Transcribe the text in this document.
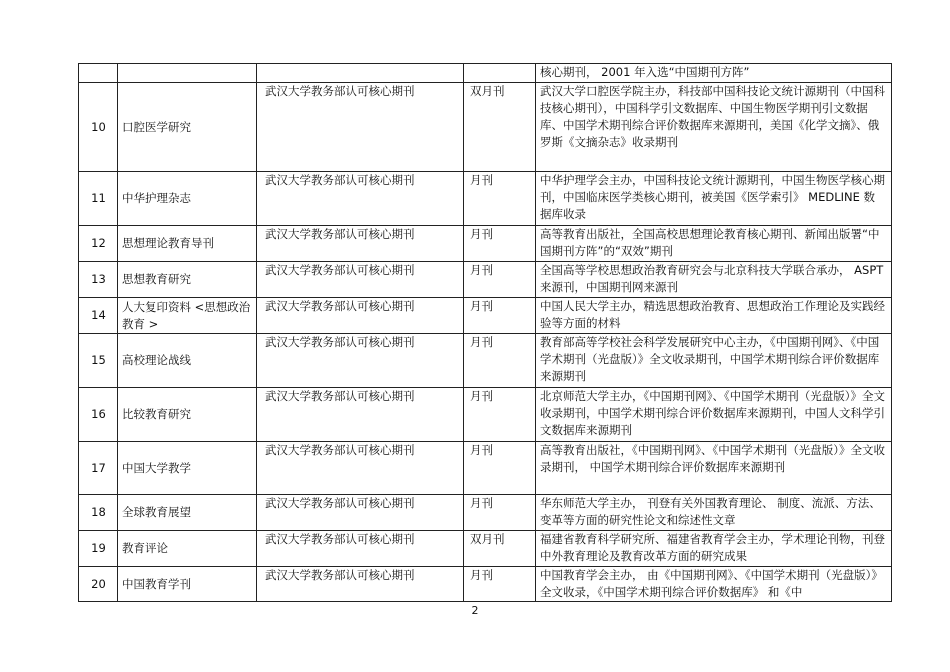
				核心期刊， 2001 年入选“中国期刊方阵”
10	口腔医学研究	武汉大学教务部认可核心期刊	双月刊	武汉大学口腔医学院主办，科技部中国科技论文统计源期刊（中国科技核心期刊），中国科学引文数据库、中国生物医学期刊引文数据库、中国学术期刊综合评价数据库来源期刊，美国《化学文摘》、俄罗斯《文摘杂志》收录期刊
11	中华护理杂志	武汉大学教务部认可核心期刊	月刊	中华护理学会主办，中国科技论文统计源期刊，中国生物医学核心期刊，中国临床医学类核心期刊，被美国《医学索引》 MEDLINE 数据库收录
12	思想理论教育导刊	武汉大学教务部认可核心期刊	月刊	高等教育出版社，全国高校思想理论教育核心期刊、新闻出版署“中国期刊方阵”的“双效”期刊
13	思想教育研究	武汉大学教务部认可核心期刊	月刊	全国高等学校思想政治教育研究会与北京科技大学联合承办， ASPT来源刊，中国期刊网来源刊
14	人大复印资料 <思想政治教育 >	武汉大学教务部认可核心期刊	月刊	中国人民大学主办，精选思想政治教育、思想政治工作理论及实践经验等方面的材料
15	高校理论战线	武汉大学教务部认可核心期刊	月刊	教育部高等学校社会科学发展研究中心主办，《中国期刊网》、《中国学术期刊（光盘版）》全文收录期刊，中国学术期刊综合评价数据库来源期刊
16	比较教育研究	武汉大学教务部认可核心期刊	月刊	北京师范大学主办，《中国期刊网》、《中国学术期刊（光盘版）》全文收录期刊，中国学术期刊综合评价数据库来源期刊，中国人文科学引文数据库来源期刊
17	中国大学教学	武汉大学教务部认可核心期刊	月刊	高等教育出版社，《中国期刊网》、《中国学术期刊（光盘版）》全文收录期刊， 中国学术期刊综合评价数据库来源期刊
18	全球教育展望	武汉大学教务部认可核心期刊	月刊	华东师范大学主办， 刊登有关外国教育理论、 制度、流派、方法、变革等方面的研究性论文和综述性文章
19	教育评论	武汉大学教务部认可核心期刊	双月刊	福建省教育科学研究所、福建省教育学会主办，学术理论刊物，刊登中外教育理论及教育改革方面的研究成果
20	中国教育学刊	武汉大学教务部认可核心期刊	月刊	中国教育学会主办， 由《中国期刊网》、《中国学术期刊（光盘版）》全文收录，《中国学术期刊综合评价数据库》 和《中
2
